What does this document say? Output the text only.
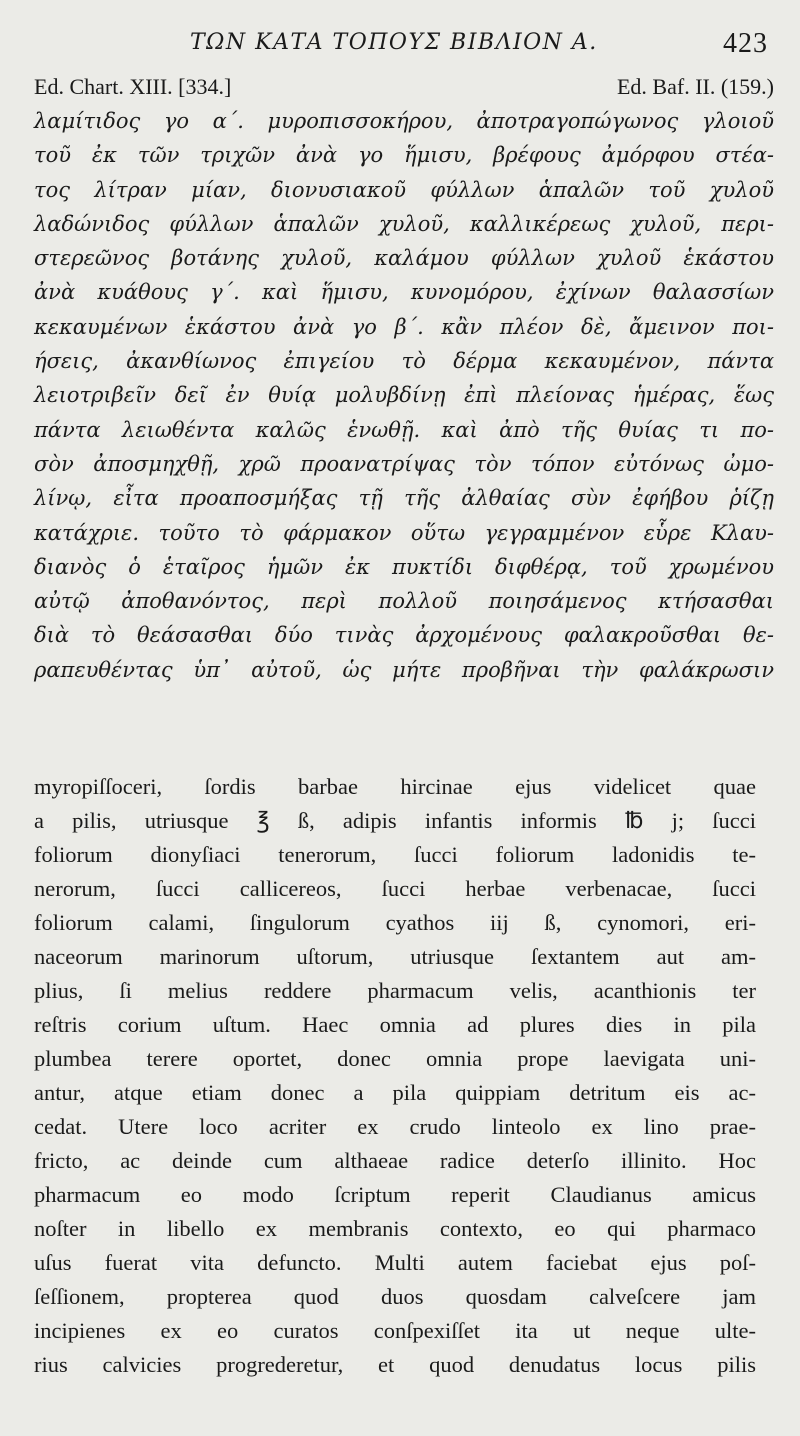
ΤΩΝ ΚΑΤΑ ΤΟΠΟΥΣ ΒΙΒΛΙΟΝ Α.	423
Ed. Chart. XIII. [334.]	Ed. Baf. II. (159.)
λαμίτιδος γο α΄. μυροπισσοκήρου, ἀποτραγοπώγωνος γλοιοῦ
τοῦ ἐκ τῶν τριχῶν ἀνὰ γο ἥμισυ, βρέφους ἀμόρφου στέα-
τος λίτραν μίαν, διονυσιακοῦ φύλλων ἁπαλῶν τοῦ χυλοῦ
λαδώνιδος φύλλων ἁπαλῶν χυλοῦ, καλλικέρεως χυλοῦ, περι-
στερεῶνος βοτάνης χυλοῦ, καλάμου φύλλων χυλοῦ ἑκάστου
ἀνὰ κυάθους γ΄. καὶ ἥμισυ, κυνομόρου, ἐχίνων θαλασσίων
κεκαυμένων ἑκάστου ἀνὰ γο β΄. κἂν πλέον δὲ, ἄμεινον ποι-
ήσεις, ἀκανθίωνος ἐπιγείου τὸ δέρμα κεκαυμένον, πάντα
λειοτριβεῖν δεῖ ἐν θυίᾳ μολυβδίνῃ ἐπὶ πλείονας ἡμέρας, ἕως
πάντα λειωθέντα καλῶς ἑνωθῇ. καὶ ἀπὸ τῆς θυίας τι πο-
σὸν ἀποσμηχθῇ, χρῶ προανατρίψας τὸν τόπον εὐτόνως ὠμο-
λίνῳ, εἶτα προαποσμήξας τῇ τῆς ἀλθαίας σὺν ἐφήβου ῥίζῃ
κατάχριε. τοῦτο τὸ φάρμακον οὕτω γεγραμμένον εὗρε Κλαυ-
διανὸς ὁ ἑταῖρος ἡμῶν ἐκ πυκτίδι διφθέρᾳ, τοῦ χρωμένου
αὐτῷ ἀποθανόντος, περὶ πολλοῦ ποιησάμενος κτήσασθαι
διὰ τὸ θεάσασθαι δύο τινὰς ἀρχομένους φαλακροῦσθαι θε-
ραπευθέντας ὑπ᾽ αὐτοῦ, ὡς μήτε προβῆναι τὴν φαλάκρωσιν
myropiſſoceri, ſordis barbae hircinae ejus videlicet quae
a pilis, utriusque ℥ ß, adipis infantis informis ℔ j; ſucci
foliorum dionyſiaci tenerorum, ſucci foliorum ladonidis te-
nerorum, ſucci callicereos, ſucci herbae verbenacae, ſucci
foliorum calami, ſingulorum cyathos iij ß, cynomori, eri-
naceorum marinorum uſtorum, utriusque ſextantem aut am-
plius, ſi melius reddere pharmacum velis, acanthionis ter
reſtris corium uſtum. Haec omnia ad plures dies in pila
plumbea terere oportet, donec omnia prope laevigata uni-
antur, atque etiam donec a pila quippiam detritum eis ac-
cedat. Utere loco acriter ex crudo linteolo ex lino prae-
fricto, ac deinde cum althaeae radice deterſo illinito. Hoc
pharmacum eo modo ſcriptum reperit Claudianus amicus
noſter in libello ex membranis contexto, eo qui pharmaco
uſus fuerat vita defuncto. Multi autem faciebat ejus poſ-
ſeſſionem, propterea quod duos quosdam calveſcere jam
incipienes ex eo curatos conſpexiſſet ita ut neque ulte-
rius calvicies progrederetur, et quod denudatus locus pilis
